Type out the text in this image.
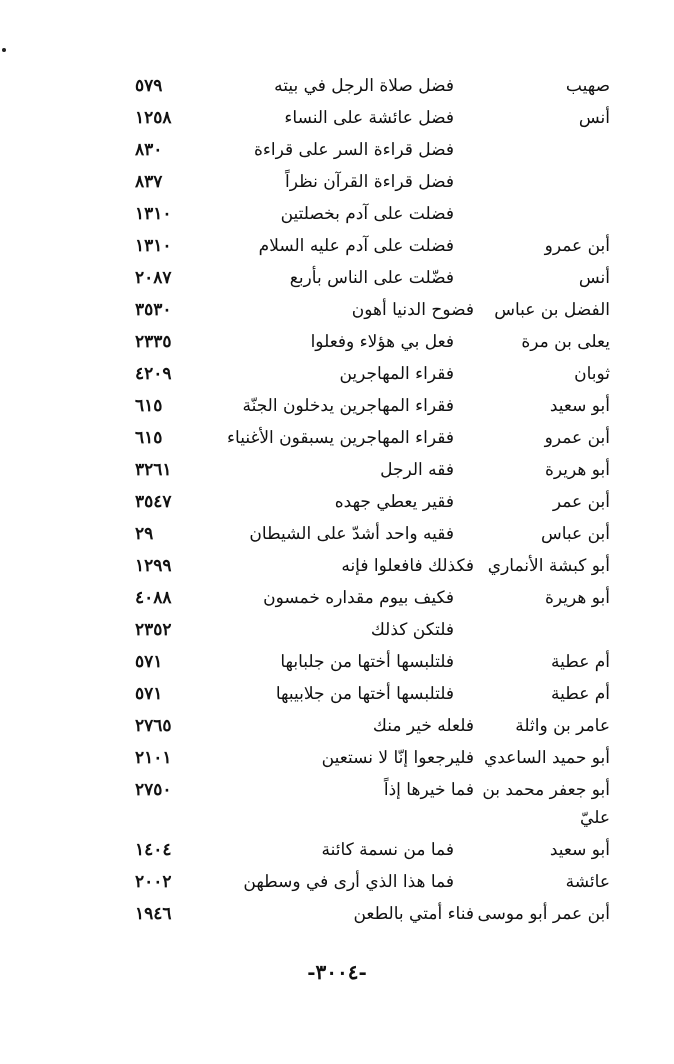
صهيب
فضل صلاة الرجل في بيته
٥٧٩
أنس
فضل عائشة على النساء
١٢٥٨
فضل قراءة السر على قراءة
٨٣٠
فضل قراءة القرآن نظراً
٨٣٧
فضلت على آدم بخصلتين
١٣١٠
أبن عمرو
فضلت على آدم عليه السلام
١٣١٠
أنس
فضّلت على الناس بأربع
٢٠٨٧
الفضل بن عباس
فضوح الدنيا أهون
٣٥٣٠
يعلى بن مرة
فعل بي هؤلاء وفعلوا
٢٣٣٥
ثوبان
فقراء المهاجرين
٤٢٠٩
أبو سعيد
فقراء المهاجرين يدخلون الجنّة
٦١٥
أبن عمرو
فقراء المهاجرين يسبقون الأغنياء
٦١٥
أبو هريرة
فقه الرجل
٣٢٦١
أبن عمر
فقير يعطي جهده
٣٥٤٧
أبن عباس
فقيه واحد أشدّ على الشيطان
٢٩
أبو كبشة الأنماري
فكذلك فافعلوا فإنه
١٢٩٩
أبو هريرة
فكيف بيوم مقداره خمسون
٤٠٨٨
فلتكن كذلك
٢٣٥٢
أم عطية
فلتلبسها أختها من جلبابها
٥٧١
أم عطية
فلتلبسها أختها من جلابيبها
٥٧١
عامر بن واثلة
فلعله خير منك
٢٧٦٥
أبو حميد الساعدي
فليرجعوا إنّا لا نستعين
٢١٠١
أبو جعفر محمد بن
فما خيرها إذاً
٢٧٥٠
أبو سعيد
فما من نسمة كائنة
١٤٠٤
عائشة
فما هذا الذي أرى في وسطهن
٢٠٠٢
أبن عمر أبو موسى
فناء أمتي بالطعن
١٩٤٦
عليّ
-٣٠٠٤-
